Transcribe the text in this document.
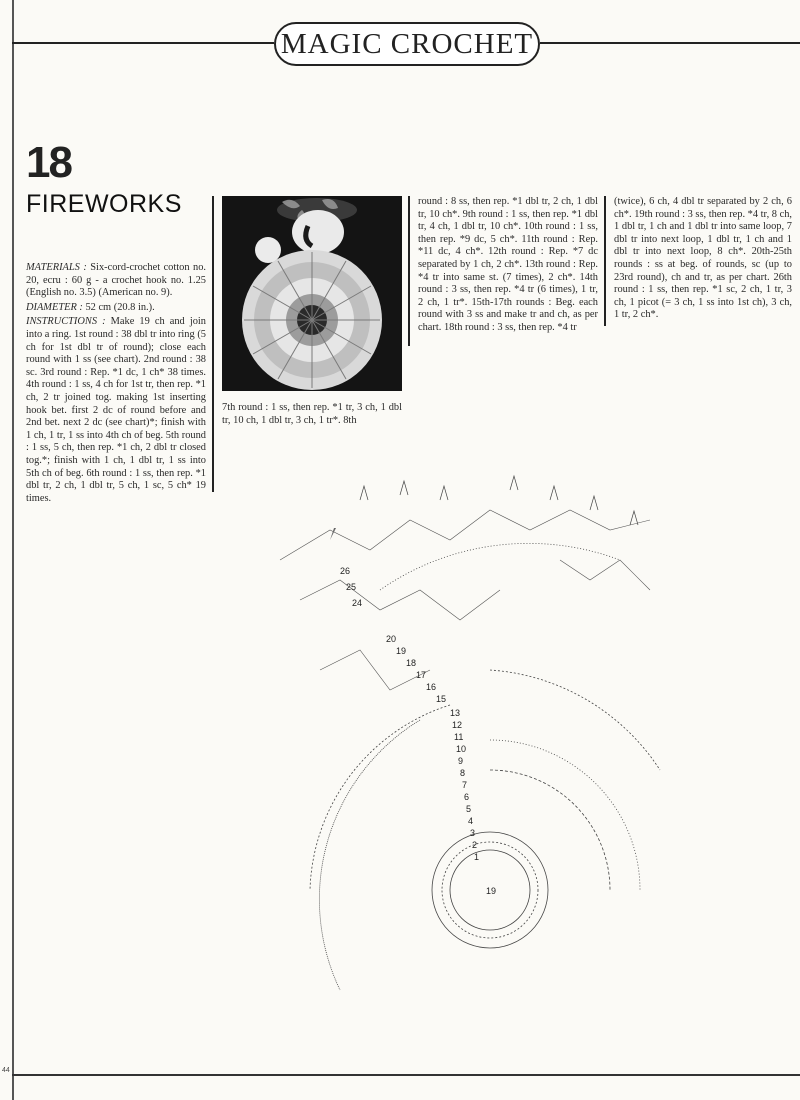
MAGIC CROCHET
18
FIREWORKS

MATERIALS : Six-cord-crochet cotton no. 20, ecru : 60 g - a crochet hook no. 1.25 (English no. 3.5) (American no. 9).

DIAMETER : 52 cm (20.8 in.).

INSTRUCTIONS : Make 19 ch and join into a ring. 1st round : 38 dbl tr into ring (5 ch for 1st dbl tr of round); close each round with 1 ss (see chart). 2nd round : 38 sc. 3rd round : Rep. *1 dc, 1 ch* 38 times. 4th round : 1 ss, 4 ch for 1st tr, then rep. *1 ch, 2 tr joined tog. making 1st inserting hook bet. first 2 dc of round before and 2nd bet. next 2 dc (see chart)*; finish with 1 ch, 1 tr, 1 ss into 4th ch of beg. 5th round : 1 ss, 5 ch, then rep. *1 ch, 2 dbl tr closed tog.*; finish with 1 ch, 1 dbl tr, 1 ss into 5th ch of beg. 6th round : 1 ss, then rep. *1 dbl tr, 2 ch, 1 dbl tr, 5 ch, 1 sc, 5 ch* 19 times.

7th round : 1 ss, then rep. *1 tr, 3 ch, 1 dbl tr, 10 ch, 1 dbl tr, 3 ch, 1 tr*. 8th
round : 8 ss, then rep. *1 dbl tr, 2 ch, 1 dbl tr, 10 ch*. 9th round : 1 ss, then rep. *1 dbl tr, 4 ch, 1 dbl tr, 10 ch*. 10th round : 1 ss, then rep. *9 dc, 5 ch*. 11th round : Rep. *11 dc, 4 ch*. 12th round : Rep. *7 dc separated by 1 ch, 2 ch*. 13th round : Rep. *4 tr into same st. (7 times), 2 ch*. 14th round : 3 ss, then rep. *4 tr (6 times), 1 tr, 2 ch, 1 tr*. 15th-17th rounds : Beg. each round with 3 ss and make tr and ch, as per chart. 18th round : 3 ss, then rep. *4 tr
(twice), 6 ch, 4 dbl tr separated by 2 ch, 6 ch*. 19th round : 3 ss, then rep. *4 tr, 8 ch, 1 dbl tr, 1 ch and 1 dbl tr into same loop, 7 dbl tr into next loop, 1 dbl tr, 1 ch and 1 dbl tr into next loop, 8 ch*. 20th-25th rounds : ss at beg. of rounds, sc (up to 23rd round), ch and tr, as per chart. 26th round : 1 ss, then rep. *1 sc, 2 ch, 1 tr, 3 ch, 1 picot (= 3 ch, 1 ss into 1st ch), 3 ch, 1 tr, 2 ch*.
19
1
2
3
4
5
6
7
8
9
10
11
12
13
15
16
17
18
19
20
24
25
26
44
